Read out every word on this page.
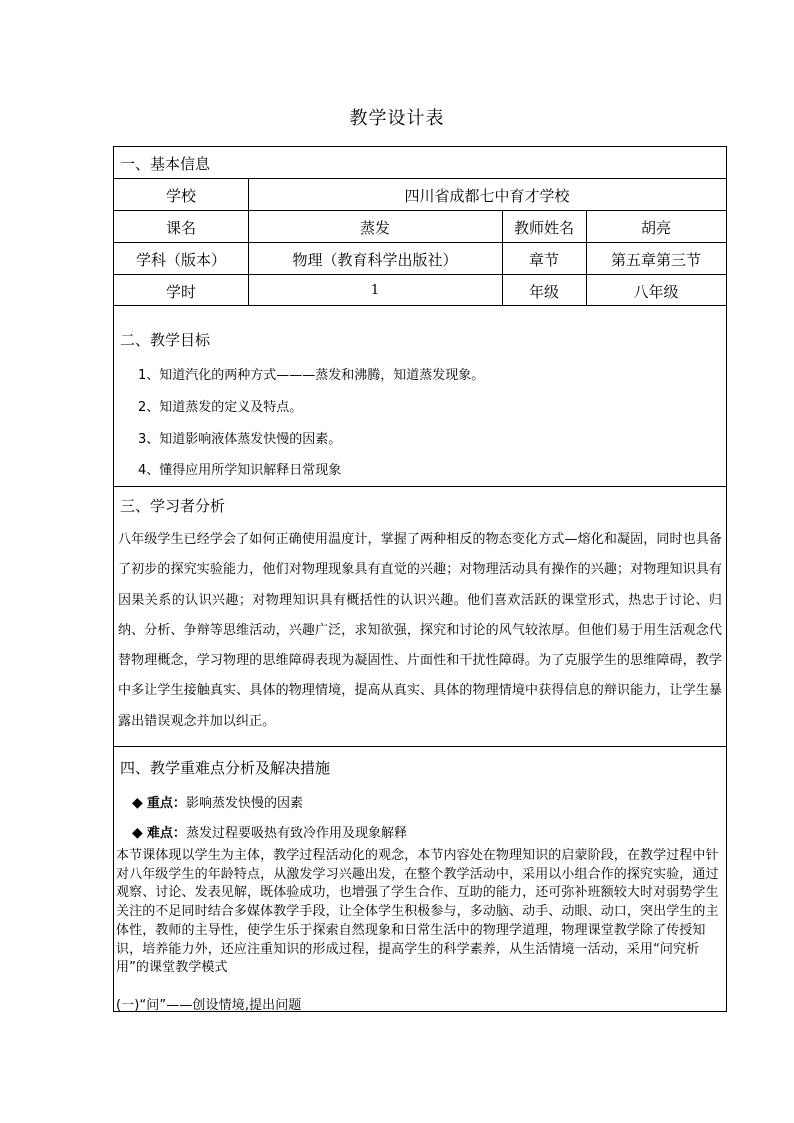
教学设计表
一、基本信息
学校	四川省成都七中育才学校
课名	蒸发	教师姓名	胡亮
学科（版本）	物理（教育科学出版社）	章节	第五章第三节
学时	1	年级	八年级
二、教学目标
1、知道汽化的两种方式———蒸发和沸腾，知道蒸发现象。
2、知道蒸发的定义及特点。
3、知道影响液体蒸发快慢的因素。
4、懂得应用所学知识解释日常现象
三、学习者分析
八年级学生已经学会了如何正确使用温度计，掌握了两种相反的物态变化方式—熔化和凝固，同时也具备了初步的探究实验能力，他们对物理现象具有直觉的兴趣；对物理活动具有操作的兴趣；对物理知识具有因果关系的认识兴趣；对物理知识具有概括性的认识兴趣。他们喜欢活跃的课堂形式，热忠于讨论、归纳、分析、争辩等思维活动，兴趣广泛，求知欲强，探究和讨论的风气较浓厚。但他们易于用生活观念代替物理概念，学习物理的思维障碍表现为凝固性、片面性和干扰性障碍。为了克服学生的思维障碍，教学中多让学生接触真实、具体的物理情境，提高从真实、具体的物理情境中获得信息的辩识能力，让学生暴露出错误观念并加以纠正。
四、教学重难点分析及解决措施
◆ 重点：影响蒸发快慢的因素
◆ 难点：蒸发过程要吸热有致冷作用及现象解释
本节课体现以学生为主体，教学过程活动化的观念，本节内容处在物理知识的启蒙阶段，在教学过程中针对八年级学生的年龄特点，从激发学习兴趣出发，在整个教学活动中，采用以小组合作的探究实验，通过观察、讨论、发表见解，既体验成功，也增强了学生合作、互助的能力，还可弥补班额较大时对弱势学生关注的不足同时结合多媒体教学手段，让全体学生积极参与，多动脑、动手、动眼、动口，突出学生的主体性，教师的主导性，使学生乐于探索自然现象和日常生活中的物理学道理，物理课堂教学除了传授知识，培养能力外，还应注重知识的形成过程，提高学生的科学素养，从生活情境一活动，采用“问究析用”的课堂教学模式
(一)“问”——创设情境,提出问题
